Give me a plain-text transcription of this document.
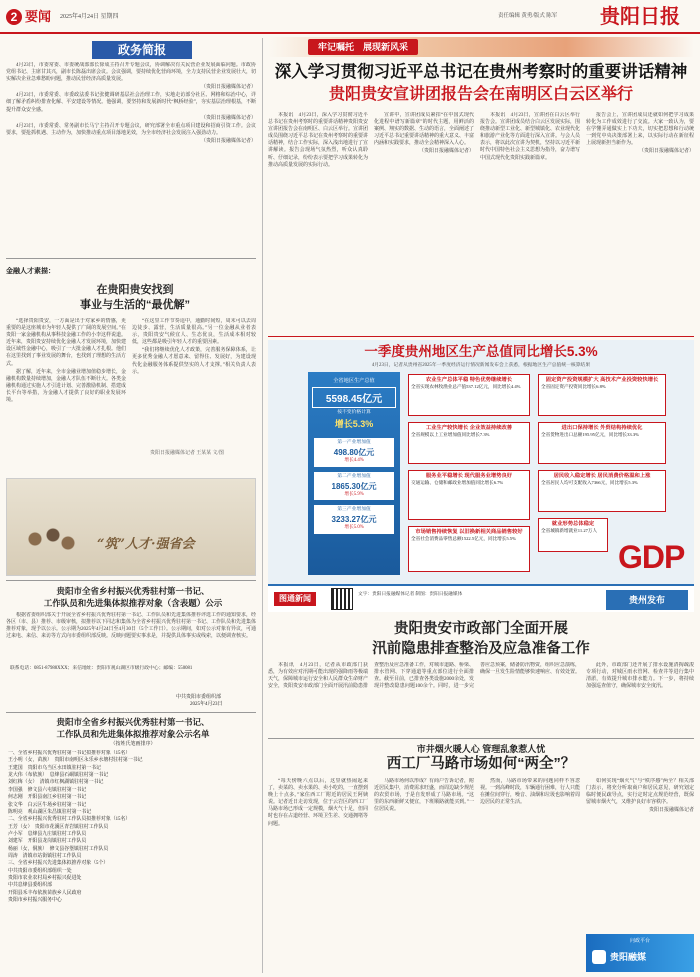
2 要闻 2025年4月24日 星期四	责任编辑 黄勇/版式 陈军 贵阳日报
政务简报

4月23日，市委常委、市委统战部部长徐成主持召开专题会议，协调解决有关民营企业发展面临问题。市政协党组书记、主席甘其兴，副市长陈磊出席会议。会议强调，要持续优化营商环境，全力支持民营企业发展壮大，切实解决企业急难愁盼问题，推动民营经济高质量发展。

（贵阳日报融媒体记者）

4月23日，市委常委、市委政法委书记张健调研基层社会治理工作，实地走访部分社区、网格和综治中心，详细了解矛盾纠纷排查化解、平安建设等情况。他强调，要坚持和发展新时代“枫桥经验”，夯实基层治理根基，不断提升群众安全感。

（贵阳日报融媒体记者）

4月23日，市委常委、常务副市长马宁主持召开专题会议，研究部署全市重点项目建设和招商引资工作。会议要求，要抢抓机遇、主动作为，加快推动重点项目落地见效，为全市经济社会发展注入强劲动力。

（贵阳日报融媒体记者）

金融人才素描：
在贵阳贵安找到
事业与生活的“最优解”

“选择贵阳贵安，一方面是出于对家乡的情感，更重要的是这座城市为年轻人提供了广阔的发展空间。”在贵阳一家金融机构从事科技金融工作的小李这样说道。近年来，贵阳贵安持续优化金融人才发展环境，加快建设区域性金融中心，吸引了一大批金融人才扎根。他们在这里找到了事业发展的舞台，也找到了理想的生活方式。

据了解，近年来，全市金融业增加值稳步增长，金融机构数量持续增加，金融人才队伍不断壮大。各类金融机构通过实施人才引进计划、完善激励机制、搭建成长平台等举措，为金融人才提供了良好的职业发展环境。

“在这里工作节奏适中，通勤时间短，周末可以去周边徒步、露营，生活质量很高。”另一位金融从业者表示，贵阳贵安气候宜人、生态优良，生活成本相对较低，这些都是吸引年轻人才的重要因素。

“我们将继续优化人才政策，完善服务保障体系，让更多优秀金融人才愿意来、留得住、发展好，为建设现代化金融服务体系提供坚实的人才支撑。”相关负责人表示。

贵阳日报融媒体记者 王某某 文/图
“筑”人才·强省会
贵阳市全省乡村振兴优秀驻村第一书记、
工作队员和先进集体拟推荐对象（含表题）公示

根据省委组织部关于开展全省乡村振兴优秀驻村第一书记、工作队员和先进集体推荐评选工作的通知要求，经各区（市、县）推荐、市级审核，拟推荐以下同志和集体为全省乡村振兴优秀驻村第一书记、工作队员和先进集体推荐对象，现予以公示。公示期为2025年4月24日至4月30日（5个工作日）。公示期间，如对公示对象有异议，可通过来电、来信、来访等方式向市委组织部反映。反映问题要实事求是，并提供具体事实或线索，以便调查核实。

联系电话：0851-87988XXX；来信地址：贵阳市观山湖区市级行政中心；邮编：550081
中共贵阳市委组织部
2025年4月23日
贵阳市全省乡村振兴优秀驻村第一书记、
工作队员和先进集体拟推荐对象公示名单
（按姓氏笔画排序）
一、全省乡村振兴优秀驻村第一书记拟推荐对象（15名）
王小明（女，苗族）　贵阳市南明区永乐乡水塘村驻村第一书记
王建国　贵阳市乌当区水田镇驻村第一书记
龙大伟（布依族）　息烽县石硐镇驻村第一书记
刘红梅（女）　清镇市红枫湖镇驻村第一书记
李国强　修文县六屯镇驻村第一书记
何志刚　开阳县南江乡驻村第一书记
张文华　白云区牛场乡驻村第一书记
陈明亮　观山湖区朱昌镇驻村第一书记
二、全省乡村振兴优秀驻村工作队员拟推荐对象（15名）
王芳（女）　贵阳市花溪区青岩镇驻村工作队员
卢小军　息烽县九庄镇驻村工作队员
刘建军　开阳县龙岗镇驻村工作队员
杨丽（女，侗族）　修文县谷堡镇驻村工作队员
周涛　清镇市站街镇驻村工作队员
三、全省乡村振兴先进集体拟推荐对象（5个）
中共贵阳市委组织部组织一处
贵阳市农业农村局乡村振兴促进处
中共息烽县委组织部
开阳县禾丰布依族苗族乡人民政府
贵阳市乡村振兴服务中心
牢记嘱托　 展现新风采
深入学习贯彻习近平总书记在贵州考察时的重要讲话精神
贵阳贵安宣讲团报告会在南明区白云区举行

本报讯　4月23日，深入学习贯彻习近平总书记在贵州考察时的重要讲话精神贵阳贵安宣讲团报告会在南明区、白云区举行。宣讲团成员围绕习近平总书记在贵州考察时的重要讲话精神，结合工作实际，深入浅出地进行了宣讲解读。报告会现场气氛热烈，听众认真聆听、仔细记录，纷纷表示要把学习成果转化为推动高质量发展的实际行动。

宣讲中，宣讲团成员紧扣“在中国式现代化进程中谱写新篇章”的时代主题，用鲜活的案例、翔实的数据、生动的语言，全面阐述了习近平总书记重要讲话精神的重大意义、丰富内涵和实践要求，推动全会精神深入人心。

（贵阳日报融媒体记者）

本报讯　4月23日，宣讲团在白云区举行报告会。宣讲团成员结合白云区发展实际，围绕推动新型工业化、新型城镇化、农业现代化和旅游产业化等方面进行深入宣讲。与会人员表示，将以此次宣讲为契机，坚持以习近平新时代中国特色社会主义思想为指导，奋力谱写中国式现代化贵阳实践新篇章。

报告会上，宣讲团成员还就如何把学习成果转化为工作成效进行了交流。大家一致认为，要在学懂弄通做实上下功夫，切实把思想和行动统一到党中央决策部署上来，以实际行动在新征程上展现新担当新作为。

（贵阳日报融媒体记者）

一季度贵州地区生产总值同比增长5.3%
4月23日，记者从贵州省2025年一季度经济运行情况新闻发布会上获悉，根据地区生产总值统一核算结果
全省地区生产总值
5598.45亿元
按不变价格计算
增长5.3%
第一产业增加值
498.80亿元
增长4.4%
第二产业增加值
1865.30亿元
增长5.9%
第三产业增加值
3233.27亿元
增长5.0%
农业生产总体平稳 特色优势继续增长
全省实现农林牧渔业总产值537.12亿元，同比增长4.4%
工业生产较快增长 企业效益持续改善
全省规模以上工业增加值同比增长7.3%
服务业平稳增长 现代服务业增势良好
交通运输、仓储和邮政业增加值同比增长6.7%
市场销售持续恢复 以旧换新相关商品销售较好
全省社会消费品零售总额1522.5亿元，同比增长5.5%
固定资产投资规模扩大 高技术产业投资较快增长
全省固定资产投资同比增长6.8%
进出口保持增长 外贸结构持续优化
全省货物进出口总额195.95亿元，同比增长33.3%
居民收入稳定增长 居民消费价格温和上涨
全省居民人均可支配收入7366元，同比增长5.3%
就业形势总体稳定
全省城镇新增就业11.27万人
GDP
图通新闻	文字：贵阳日报融媒体记者 制图：贵阳日报融媒体
贵州发布
贵阳贵安市政部门全面开展
汛前隐患排查整治及应急准备工作

本报讯　4月23日，记者从市政部门获悉，为有效应对汛期可能出现的强降雨等极端天气，保障城市运行安全和人民群众生命财产安全，贵阳贵安市政部门全面开展汛前隐患排查整治及应急准备工作，对城市道路、桥梁、排水管网、下穿通道等重点部位进行全面排查。截至目前，已排查各类设施2000余处，发现并整改隐患问题100余个。同时，进一步完善应急预案，储备防汛物资，组织应急演练，确保一旦发生险情能够快速响应、有效处置。

此外，市政部门还开展了排水设施清掏疏浚专项行动，对城区雨水管网、检查井等进行集中清淤，有效提升城市排水能力。下一步，将持续加强巡查值守，确保城市安全度汛。

市井烟火暖人心 管理乱象惹人忧
西工厂马路市场如何“两全”？

“每天傍晚六点以后，这里就热闹起来了，卖菜的、卖水果的、卖小吃的，一直摆到晚上十点多。”家住西工厂附近的居民王阿姨说。记者近日走访发现，位于云岩区的西工厂马路市场已形成一定规模，烟火气十足，但同时也存在占道经营、环境卫生差、交通拥堵等问题。

马路市场何以形成？有商户告诉记者，附近居民集中，消费需求旺盛，而周边缺少规范的农贸市场，于是自发形成了马路市场。“这里的东西新鲜又便宜，下班顺路就能买到。”一位居民说。

然而，马路市场带来的问题同样不容忽视。一到高峰时段，车辆通行困难，行人只能在摊位间穿行，噪音、油烟和垃圾也影响着周边居民的正常生活。

如何实现“烟火气”与“秩序感”两全？相关部门表示，将充分听取商户和居民意见，研究划定临时便民疏导点，实行定时定点规范经营，既保留城市烟火气，又维护良好市容秩序。

贵阳日报融媒体记者

问政平台
贵阳融媒
